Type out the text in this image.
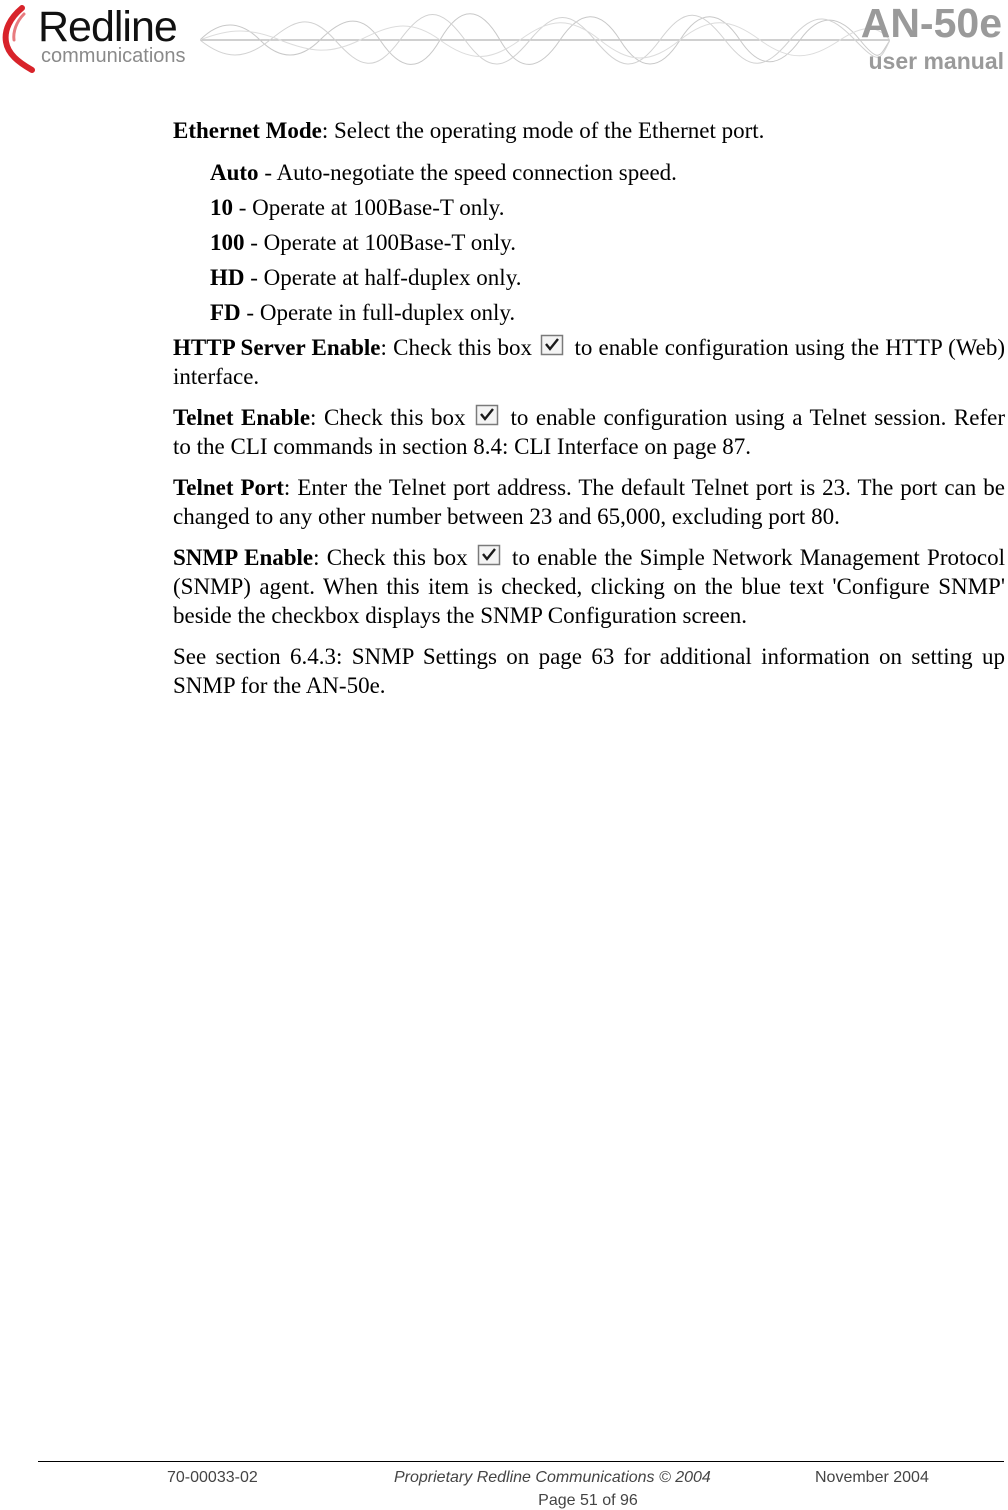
Redline
communications
AN-50e
user manual

Ethernet Mode: Select the operating mode of the Ethernet port.

Auto - Auto-negotiate the speed connection speed.
10 - Operate at 100Base-T only.
100 - Operate at 100Base-T only.
HD - Operate at half-duplex only.
FD - Operate in full-duplex only.

HTTP Server Enable: Check this box  to enable configuration using the HTTP (Web) interface.

Telnet Enable: Check this box  to enable configuration using a Telnet session. Refer to the CLI commands in section 8.4: CLI Interface on page 87.

Telnet Port: Enter the Telnet port address. The default Telnet port is 23. The port can be changed to any other number between 23 and 65,000, excluding port 80.

SNMP Enable: Check this box  to enable the Simple Network Management Protocol (SNMP) agent. When this item is checked, clicking on the blue text 'Configure SNMP' beside the checkbox displays the SNMP Configuration screen.

See section 6.4.3: SNMP Settings on page 63 for additional information on setting up SNMP for the AN-50e.

70-00033-02	Proprietary Redline Communications © 2004	November 2004
Page 51 of 96
